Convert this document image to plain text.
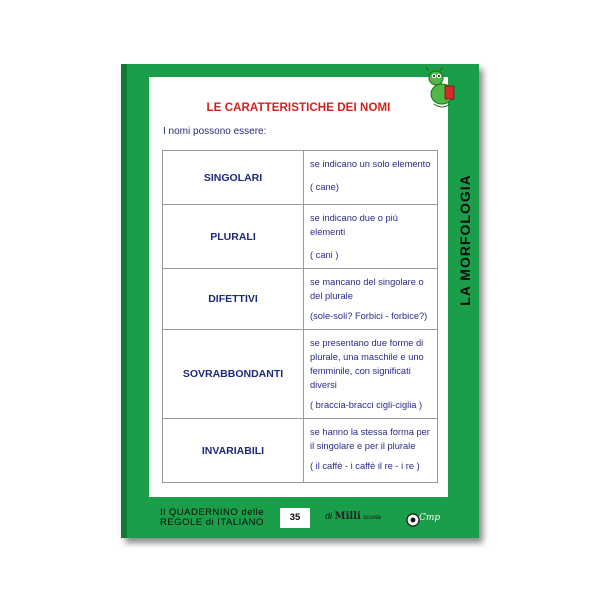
LE CARATTERISTICHE DEI NOMI
I nomi possono essere:
SINGOLARI	se indicano un solo elemento
( cane)

PLURALI	se indicano due o più elementi
( cani )

DIFETTIVI	se mancano del singolare o del plurale
(sole-soli? Forbici - forbice?)

SOVRABBONDANTI	se presentano due forme di plurale, una maschile e uno femminile, con significati diversi
( braccia-bracci cigli-ciglia )

INVARIABILI	se hanno la stessa forma per il singolare e per il plurale
( il caffè - i caffè il re - i re )
LA MORFOLOGIA
Il QUADERNINO delle
REGOLE di ITALIANO	35	di Milli scuola	Cmp
